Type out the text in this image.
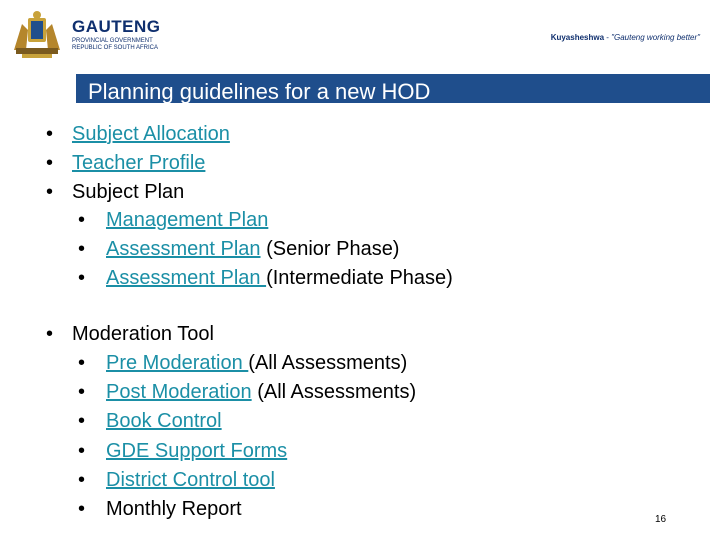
GAUTENG
PROVINCIAL GOVERNMENT
REPUBLIC OF SOUTH AFRICA
Kuyasheshwa - "Gauteng working better"
Planning guidelines for a new HOD
• Subject Allocation
• Teacher Profile
• Subject Plan
• Management Plan
• Assessment Plan (Senior Phase)
• Assessment Plan (Intermediate Phase)
• Moderation Tool
• Pre Moderation (All Assessments)
• Post Moderation (All Assessments)
• Book Control
• GDE Support Forms
• District Control tool
• Monthly Report	16
